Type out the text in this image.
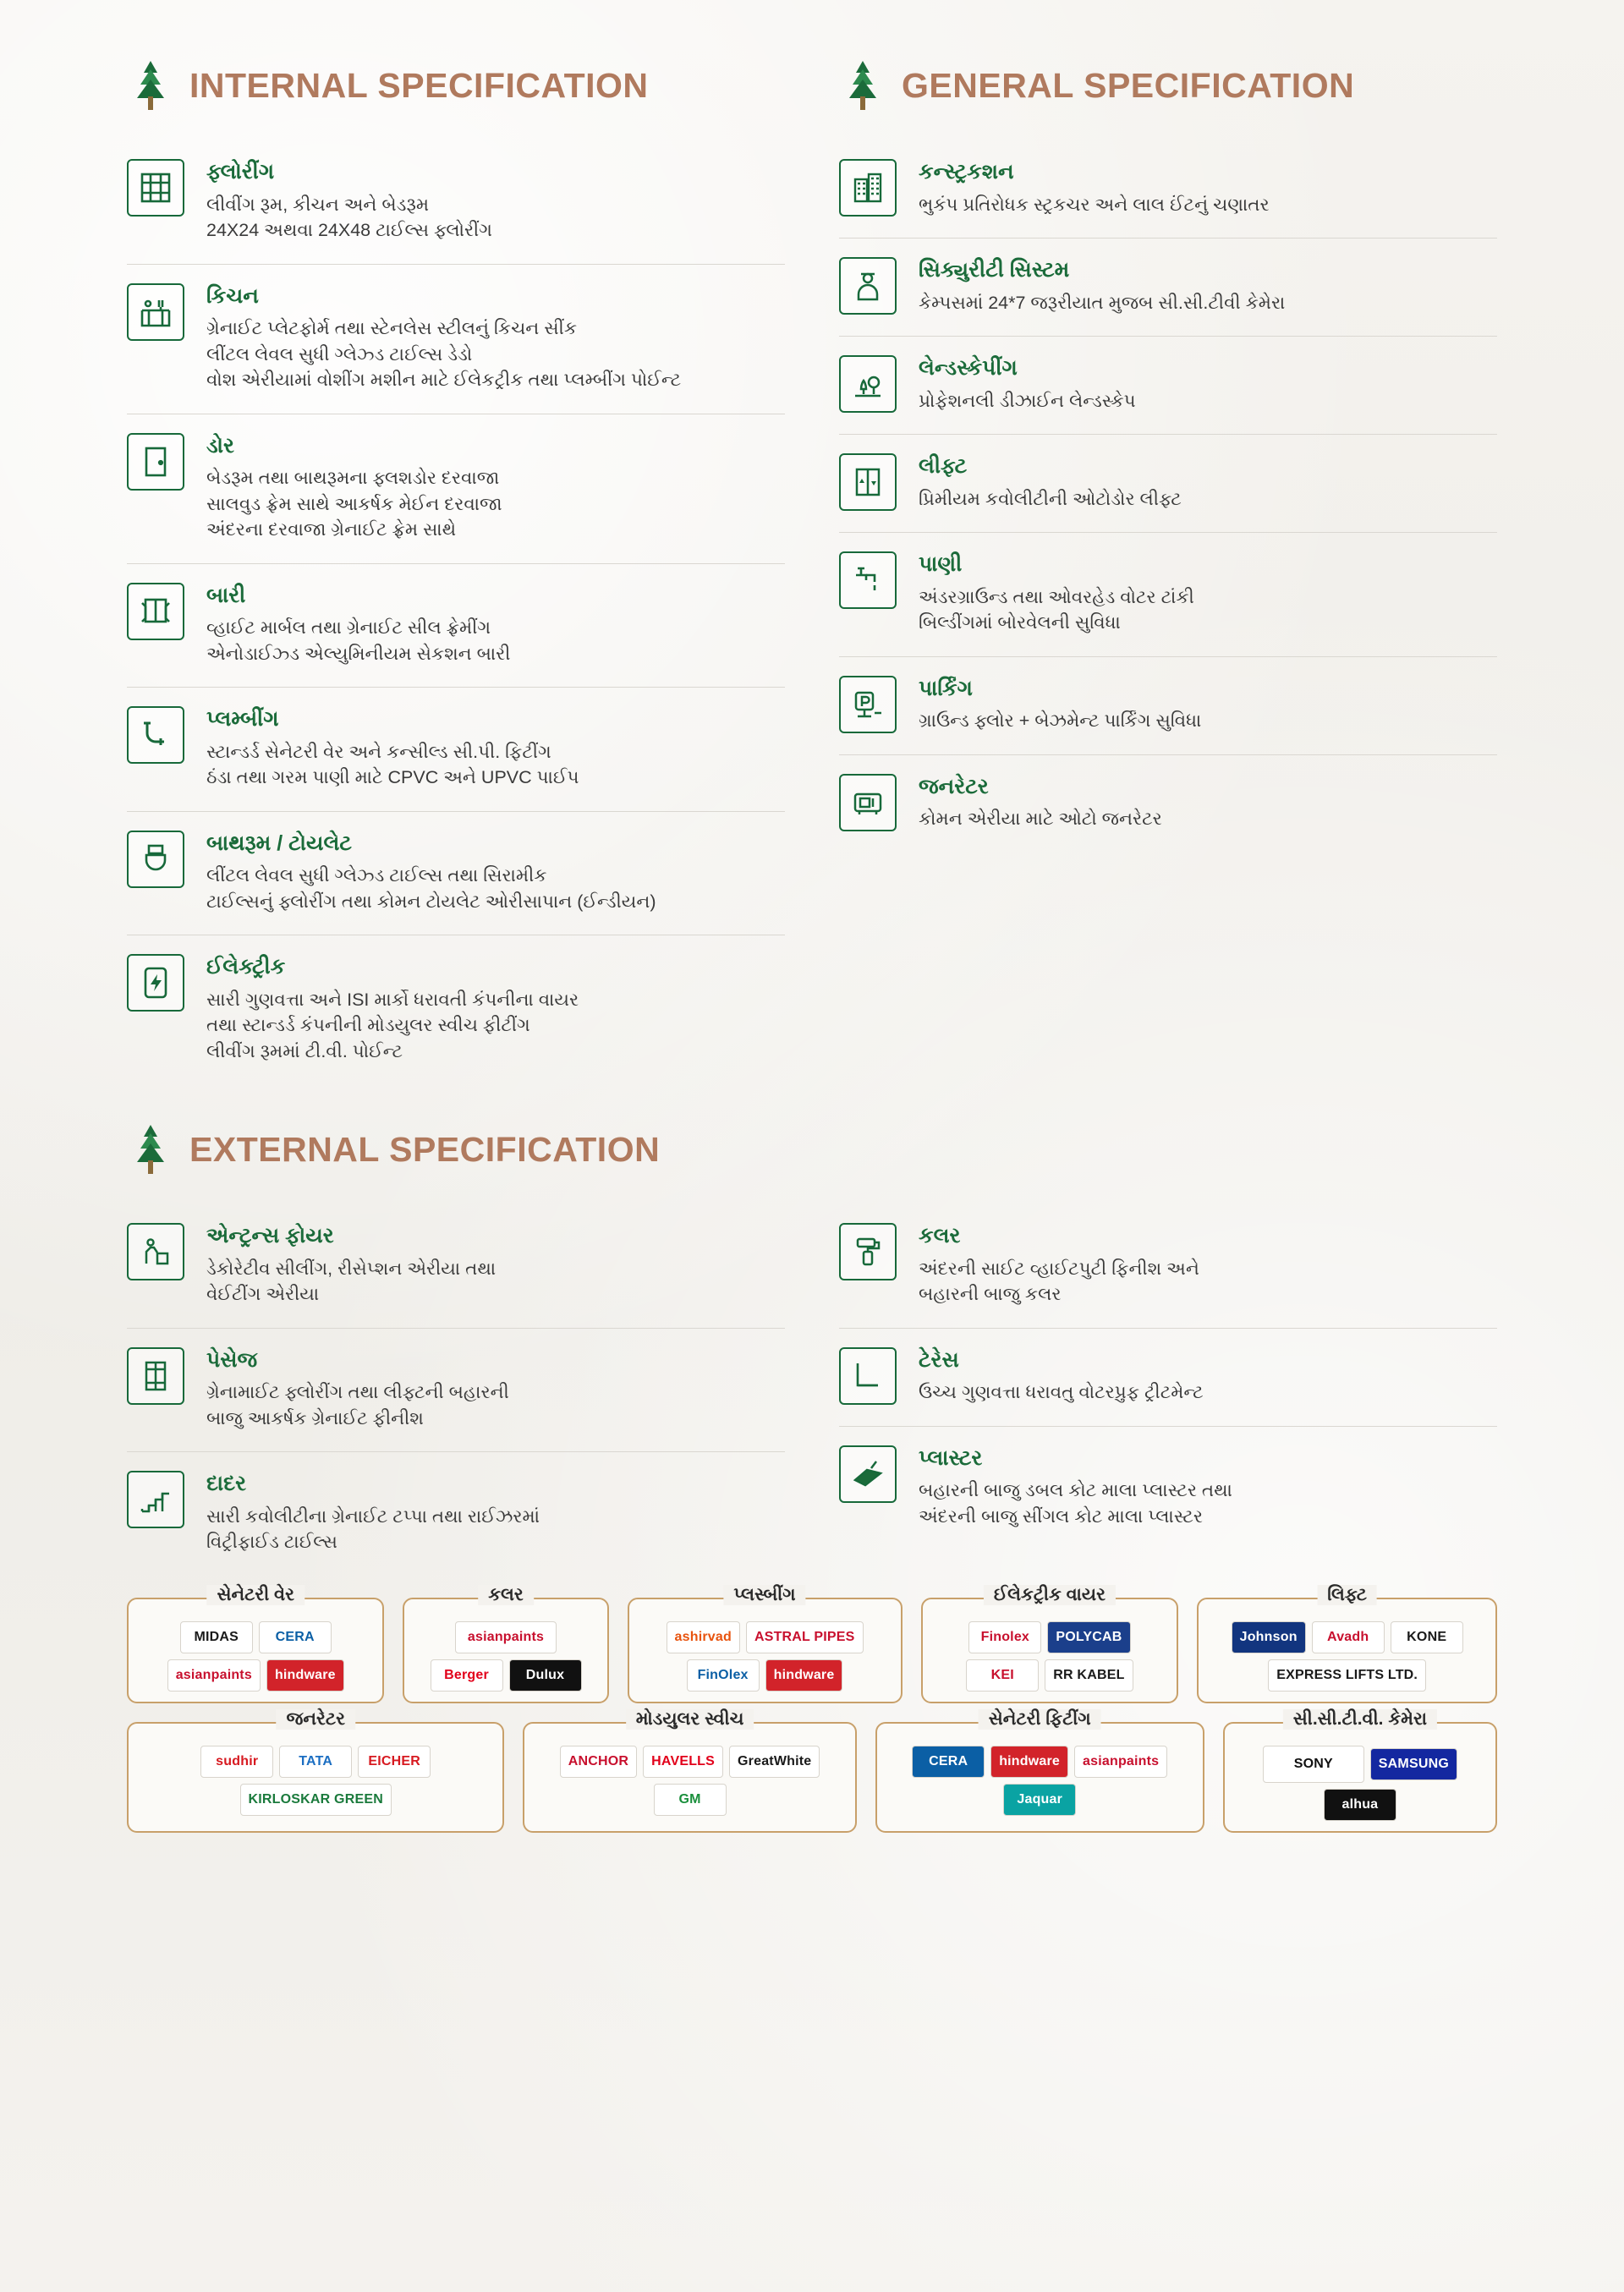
INTERNAL SPECIFICATION

ફ્લોરીંગ

લીવીંગ રૂમ, કીચન અને બેડરૂમ

24X24 અથવા 24X48 ટાઈલ્સ ફ્લોરીંગ

કિચન

ગ્રેનાઈટ પ્લેટફોર્મ તથા સ્ટેનલેસ સ્ટીલનું કિચન સીંક

લીંટલ લેવલ સુધી ગ્લેઝ્ડ ટાઈલ્સ ડેડો

વોશ એરીયામાં વોશીંગ મશીન માટે ઈલેકટ્રીક તથા પ્લમ્બીંગ પોઈન્ટ

ડોર

બેડરૂમ તથા બાથરૂમના ફ્લશડોર દરવાજા

સાલવુડ ફ્રેમ સાથે આકર્ષક મેઈન દરવાજા

અંદરના દરવાજા ગ્રેનાઈટ ફ્રેમ સાથે

બારી

વ્હાઈટ માર્બલ તથા ગ્રેનાઈટ સીલ ફ્રેમીંગ

એનોડાઈઝ્ડ એલ્યુમિનીયમ સેકશન બારી

પ્લમ્બીંગ

સ્ટાન્ડર્ડ સેનેટરી વેર અને કન્સીલ્ડ સી.પી. ફિટીંગ

ઠંડા તથા ગરમ પાણી માટે CPVC અને UPVC પાઈપ

બાથરૂમ / ટોયલેટ

લીંટલ લેવલ સુધી ગ્લેઝ્ડ ટાઈલ્સ તથા સિરામીક

ટાઈલ્સનું ફ્લોરીંગ તથા કોમન ટોયલેટ ઓરીસાપાન (ઈન્ડીયન)

ઈલેક્ટ્રીક

સારી ગુણવત્તા અને ISI માર્કો ધરાવતી કંપનીના વાયર

તથા સ્ટાન્ડર્ડ કંપનીની મોડયુલર સ્વીચ ફીટીંગ

લીવીંગ રૂમમાં ટી.વી. પોઈન્ટ

GENERAL SPECIFICATION

કન્સ્ટ્રકશન

ભુકંપ પ્રતિરોધક સ્ટ્રકચર અને લાલ ઈંટનું ચણાતર

સિક્યુરીટી સિસ્ટમ

કેમ્પસમાં 24*7 જરૂરીયાત મુજબ સી.સી.ટીવી કેમેરા

લેન્ડસ્કેપીંગ

પ્રોફેશનલી ડીઝાઈન લેન્ડસ્કેપ

લીફ્ટ

પ્રિમીયમ કવોલીટીની ઓટોડોર લીફ્ટ

પાણી

અંડરગ્રાઉન્ડ તથા ઓવરહેડ વોટર ટાંકી

બિલ્ડીંગમાં બોરવેલની સુવિધા

પાર્કિંગ

ગ્રાઉન્ડ ફ્લોર + બેઝમેન્ટ પાર્કિંગ સુવિધા

જનરેટર

કોમન એરીયા માટે ઓટો જનરેટર

EXTERNAL SPECIFICATION

એન્ટ્રન્સ ફોયર

ડેકોરેટીવ સીલીંગ, રીસેપ્શન એરીયા તથા

વેઈટીંગ એરીયા

પેસેજ

ગ્રેનામાઈટ ફ્લોરીંગ તથા લીફ્ટની બહારની

બાજુ આકર્ષક ગ્રેનાઈટ ફીનીશ

દાદર

સારી કવોલીટીના ગ્રેનાઈટ ટપ્પા તથા રાઈઝરમાં

વિટ્રીફાઈડ ટાઈલ્સ

કલર

અંદરની સાઈટ વ્હાઈટપુટી ફિનીશ અને

બહારની બાજુ કલર

ટેરેસ

ઉચ્ચ ગુણવત્તા ધરાવતુ વોટરપ્રુફ ટ્રીટમેન્ટ

પ્લાસ્ટર

બહારની બાજુ ડબલ કોટ માલા પ્લાસ્ટર તથા

અંદરની બાજુ સીંગલ કોટ માલા પ્લાસ્ટર

સેનેટરી વેર
MIDAS	CERA
asianpaints	hindware
કલર
asianpaints
Berger	Dulux
પ્લસ્બીંગ
ashirvad	ASTRAL PIPES
FinOlex	hindware
ઈલેકટ્રીક વાયર
Finolex	POLYCAB
KEI	RR KABEL
લિફ્ટ
Johnson	Avadh	KONE
EXPRESS LIFTS LTD.
જનરેટર
sudhir	TATA	EICHER
KIRLOSKAR GREEN
મોડયુલર સ્વીચ
ANCHOR	HAVELLS	GreatWhite
GM
સેનેટરી ફિટીંગ
CERA	hindware	asianpaints
Jaquar
સી.સી.ટી.વી. કેમેરા
SONY	SAMSUNG
alhua
